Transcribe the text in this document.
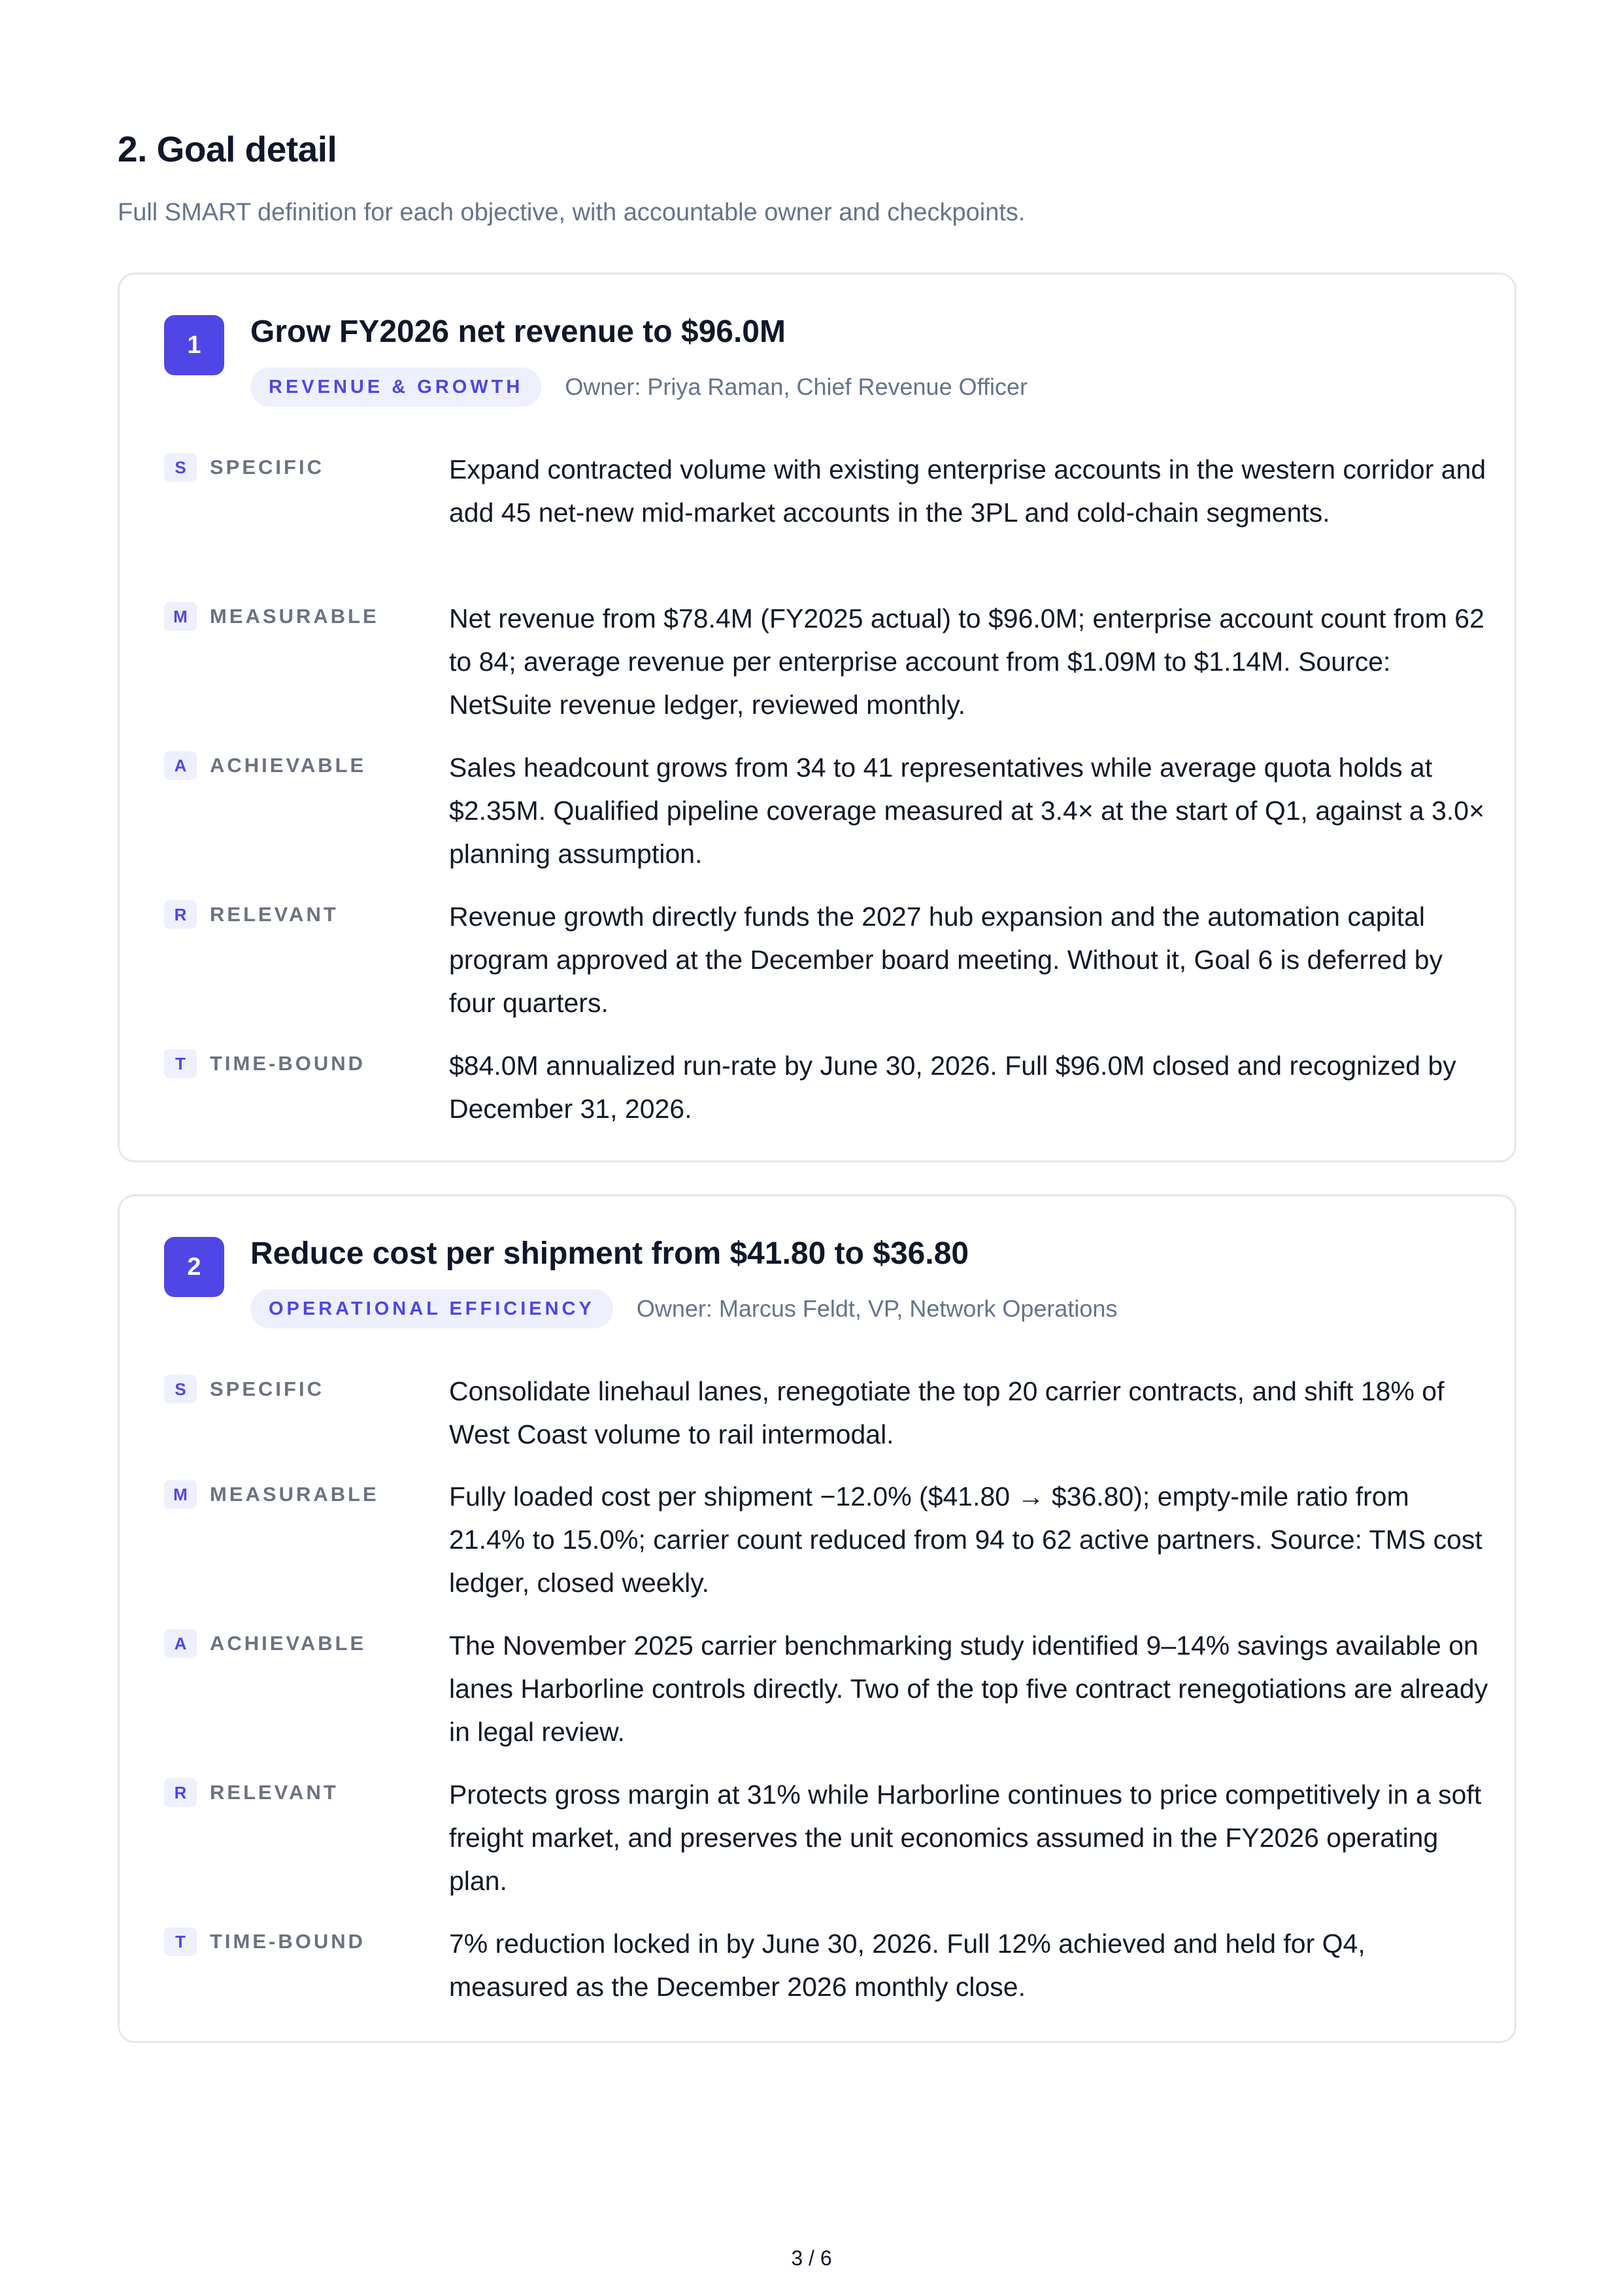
2. Goal detail

Full SMART definition for each objective, with accountable owner and checkpoints.

1	Grow FY2026 net revenue to $96.0M
REVENUE & GROWTH	Owner: Priya Raman, Chief Revenue Officer
S	SPECIFIC	Expand contracted volume with existing enterprise accounts in the western corridor and add 45 net-new mid-market accounts in the 3PL and cold-chain segments.

M	MEASURABLE	Net revenue from $78.4M (FY2025 actual) to $96.0M; enterprise account count from 62 to 84; average revenue per enterprise account from $1.09M to $1.14M. Source: NetSuite revenue ledger, reviewed monthly.

A	ACHIEVABLE	Sales headcount grows from 34 to 41 representatives while average quota holds at $2.35M. Qualified pipeline coverage measured at 3.4× at the start of Q1, against a 3.0× planning assumption.

R	RELEVANT	Revenue growth directly funds the 2027 hub expansion and the automation capital program approved at the December board meeting. Without it, Goal 6 is deferred by four quarters.

T	TIME-BOUND	$84.0M annualized run-rate by June 30, 2026. Full $96.0M closed and recognized by December 31, 2026.

2	Reduce cost per shipment from $41.80 to $36.80
OPERATIONAL EFFICIENCY	Owner: Marcus Feldt, VP, Network Operations
S	SPECIFIC	Consolidate linehaul lanes, renegotiate the top 20 carrier contracts, and shift 18% of West Coast volume to rail intermodal.

M	MEASURABLE	Fully loaded cost per shipment −12.0% ($41.80 → $36.80); empty-mile ratio from 21.4% to 15.0%; carrier count reduced from 94 to 62 active partners. Source: TMS cost ledger, closed weekly.

A	ACHIEVABLE	The November 2025 carrier benchmarking study identified 9–14% savings available on lanes Harborline controls directly. Two of the top five contract renegotiations are already in legal review.

R	RELEVANT	Protects gross margin at 31% while Harborline continues to price competitively in a soft freight market, and preserves the unit economics assumed in the FY2026 operating plan.

T	TIME-BOUND	7% reduction locked in by June 30, 2026. Full 12% achieved and held for Q4, measured as the December 2026 monthly close.

3 / 6
